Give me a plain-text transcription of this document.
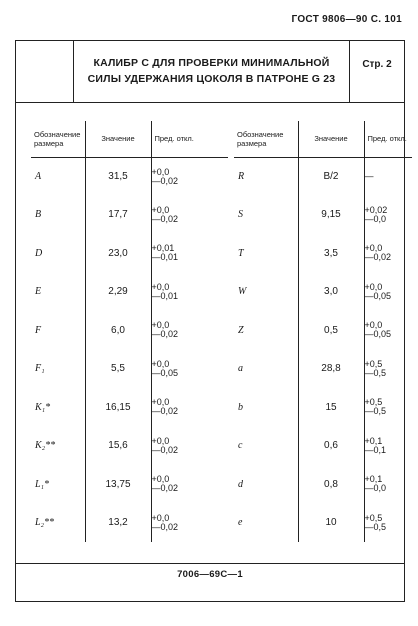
ГОСТ 9806—90 С. 101
КАЛИБР С ДЛЯ ПРОВЕРКИ МИНИМАЛЬНОЙ
СИЛЫ УДЕРЖАНИЯ ЦОКОЛЯ В ПАТРОНЕ G 23
Стр. 2
Обозначение размера	Значение	Пред. откл.
A	31,5	+0,0
—0,02

B	17,7	+0,0
—0,02

D	23,0	+0,01
—0,01

E	2,29	+0,0
—0,01

F	6,0	+0,0
—0,02

F₁	5,5	+0,0
—0,05

K₁*	16,15	+0,0
—0,02

K₂**	15,6	+0,0
—0,02

L₁*	13,75	+0,0
—0,02

L₂**	13,2	+0,0
—0,02
Обозначение размера	Значение	Пред. откл.
R	B/2	—

S	9,15	+0,02
—0,0

T	3,5	+0,0
—0,02

W	3,0	+0,0
—0,05

Z	0,5	+0,0
—0,05

a	28,8	+0,5
—0,5

b	15	+0,5
—0,5

c	0,6	+0,1
—0,1

d	0,8	+0,1
—0,0

e	10	+0,5
—0,5
7006—69С—1
